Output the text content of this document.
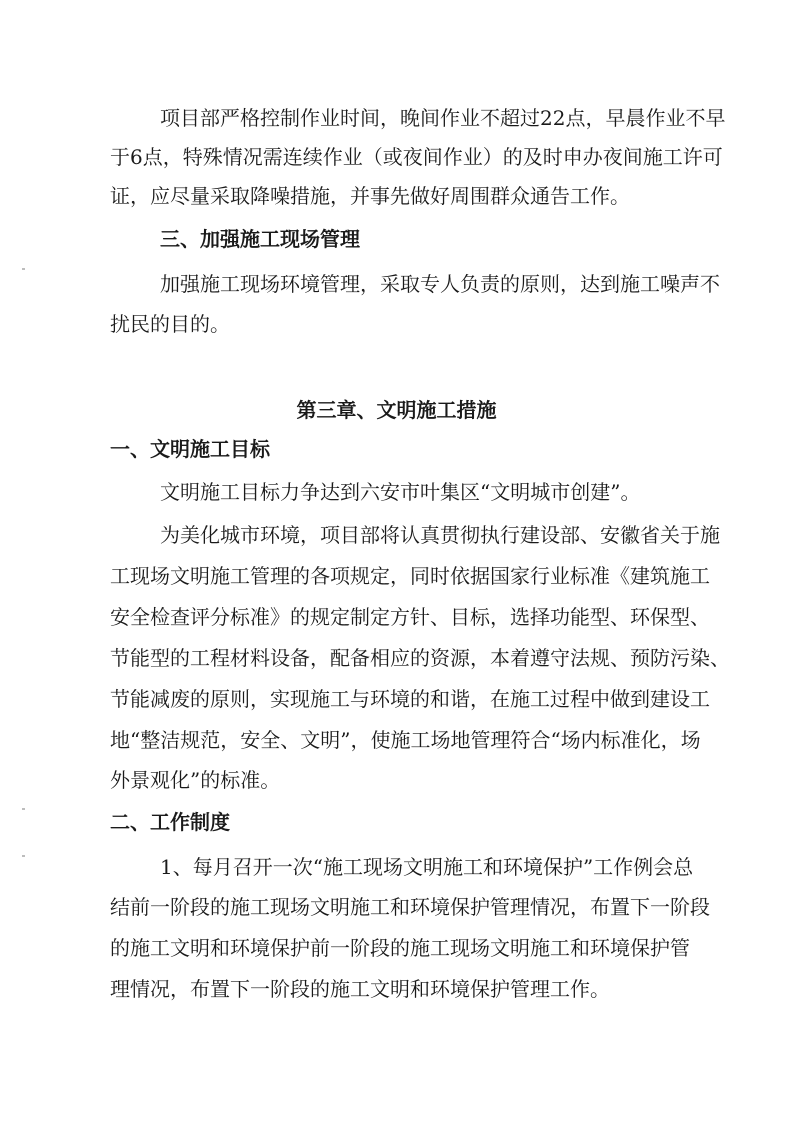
项目部严格控制作业时间，晚间作业不超过22点，早晨作业不早
于6点，特殊情况需连续作业（或夜间作业）的及时申办夜间施工许可
证，应尽量采取降噪措施，并事先做好周围群众通告工作。
三、加强施工现场管理
加强施工现场环境管理，采取专人负责的原则，达到施工噪声不
扰民的目的。
第三章、文明施工措施
一、文明施工目标
文明施工目标力争达到六安市叶集区“文明城市创建”。
为美化城市环境，项目部将认真贯彻执行建设部、安徽省关于施
工现场文明施工管理的各项规定，同时依据国家行业标准《建筑施工
安全检查评分标准》的规定制定方针、目标，选择功能型、环保型、
节能型的工程材料设备，配备相应的资源，本着遵守法规、预防污染、
节能减废的原则，实现施工与环境的和谐，在施工过程中做到建设工
地“整洁规范，安全、文明”，使施工场地管理符合“场内标准化，场
外景观化”的标准。
二、工作制度
1、每月召开一次“施工现场文明施工和环境保护”工作例会总
结前一阶段的施工现场文明施工和环境保护管理情况，布置下一阶段
的施工文明和环境保护前一阶段的施工现场文明施工和环境保护管
理情况，布置下一阶段的施工文明和环境保护管理工作。
